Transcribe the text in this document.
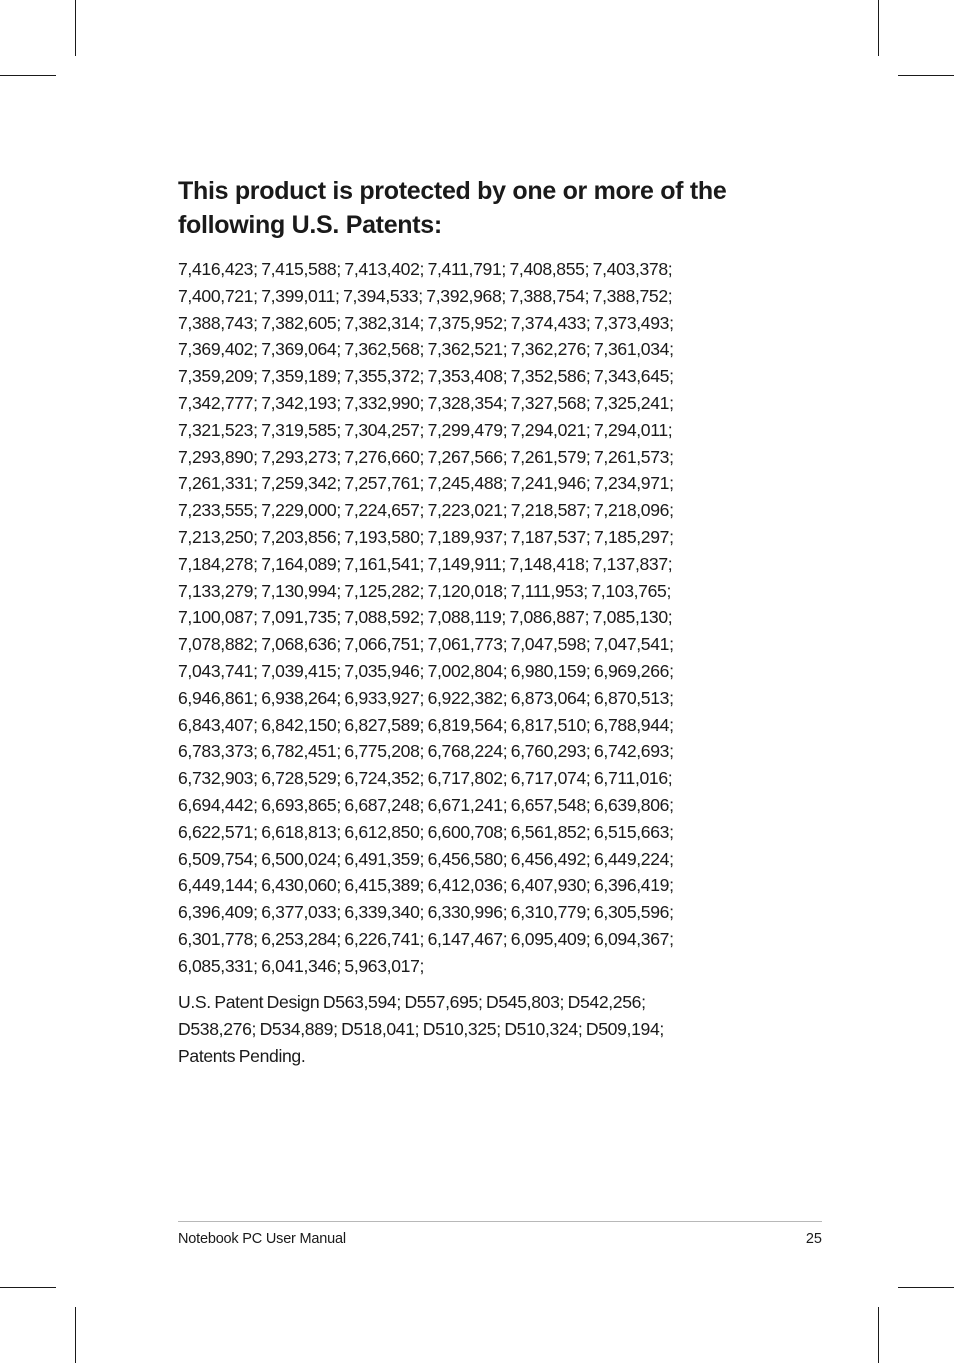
This product is protected by one or more of the following U.S. Patents:
7,416,423; 7,415,588; 7,413,402; 7,411,791; 7,408,855; 7,403,378;
7,400,721; 7,399,011; 7,394,533; 7,392,968; 7,388,754; 7,388,752;
7,388,743; 7,382,605; 7,382,314; 7,375,952; 7,374,433; 7,373,493;
7,369,402; 7,369,064; 7,362,568; 7,362,521; 7,362,276; 7,361,034;
7,359,209; 7,359,189; 7,355,372; 7,353,408; 7,352,586; 7,343,645;
7,342,777; 7,342,193; 7,332,990; 7,328,354; 7,327,568; 7,325,241;
7,321,523; 7,319,585; 7,304,257; 7,299,479; 7,294,021; 7,294,011;
7,293,890; 7,293,273; 7,276,660; 7,267,566; 7,261,579; 7,261,573;
7,261,331; 7,259,342; 7,257,761; 7,245,488; 7,241,946; 7,234,971;
7,233,555; 7,229,000; 7,224,657; 7,223,021; 7,218,587; 7,218,096;
7,213,250; 7,203,856; 7,193,580; 7,189,937; 7,187,537; 7,185,297;
7,184,278; 7,164,089; 7,161,541; 7,149,911; 7,148,418; 7,137,837;
7,133,279; 7,130,994; 7,125,282; 7,120,018; 7,111,953; 7,103,765;
7,100,087; 7,091,735; 7,088,592; 7,088,119; 7,086,887; 7,085,130;
7,078,882; 7,068,636; 7,066,751; 7,061,773; 7,047,598; 7,047,541;
7,043,741; 7,039,415; 7,035,946; 7,002,804; 6,980,159; 6,969,266;
6,946,861; 6,938,264; 6,933,927; 6,922,382; 6,873,064; 6,870,513;
6,843,407; 6,842,150; 6,827,589; 6,819,564; 6,817,510; 6,788,944;
6,783,373; 6,782,451; 6,775,208; 6,768,224; 6,760,293; 6,742,693;
6,732,903; 6,728,529; 6,724,352; 6,717,802; 6,717,074; 6,711,016;
6,694,442; 6,693,865; 6,687,248; 6,671,241; 6,657,548; 6,639,806;
6,622,571; 6,618,813; 6,612,850; 6,600,708; 6,561,852; 6,515,663;
6,509,754; 6,500,024; 6,491,359; 6,456,580; 6,456,492; 6,449,224;
6,449,144; 6,430,060; 6,415,389; 6,412,036; 6,407,930; 6,396,419;
6,396,409; 6,377,033; 6,339,340; 6,330,996; 6,310,779; 6,305,596;
6,301,778; 6,253,284; 6,226,741; 6,147,467; 6,095,409; 6,094,367;
6,085,331; 6,041,346; 5,963,017;
U.S. Patent Design D563,594; D557,695; D545,803; D542,256;
D538,276; D534,889; D518,041; D510,325; D510,324; D509,194;
Patents Pending.
Notebook PC User Manual	25
